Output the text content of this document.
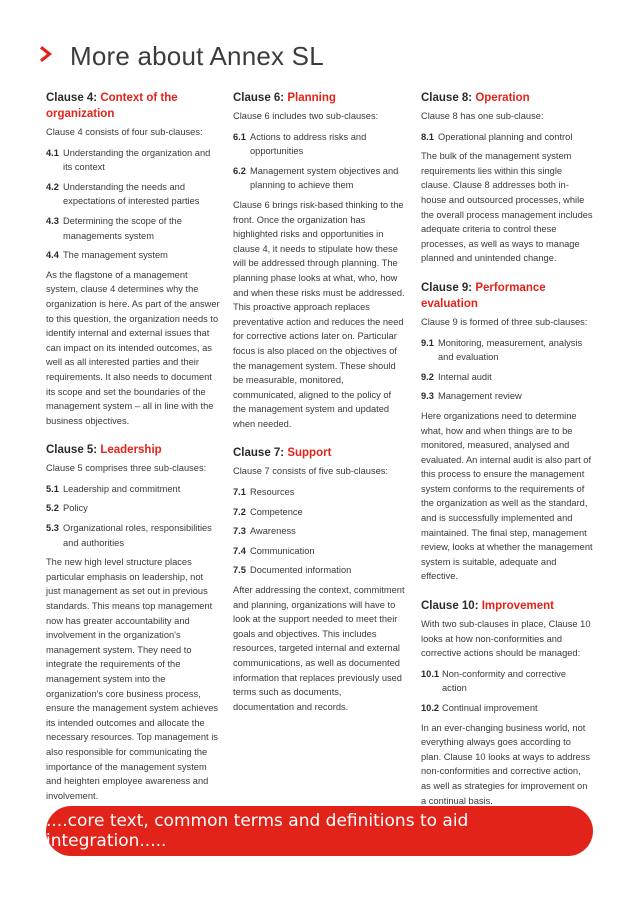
More about Annex SL
Clause 4: Context of the organization

Clause 4 consists of four sub-clauses:

4.1 Understanding the organization and its context
4.2 Understanding the needs and expectations of interested parties
4.3 Determining the scope of the managements system
4.4 The management system

As the flagstone of a management system, clause 4 determines why the organization is here. As part of the answer to this question, the organization needs to identify internal and external issues that can impact on its intended outcomes, as well as all interested parties and their requirements. It also needs to document its scope and set the boundaries of the management system – all in line with the business objectives.

Clause 5: Leadership

Clause 5 comprises three sub-clauses:

5.1 Leadership and commitment
5.2 Policy
5.3 Organizational roles, responsibilities and authorities

The new high level structure places particular emphasis on leadership, not just management as set out in previous standards. This means top management now has greater accountability and involvement in the organization's management system. They need to integrate the requirements of the management system into the organization's core business process, ensure the management system achieves its intended outcomes and allocate the necessary resources. Top management is also responsible for communicating the importance of the management system and heighten employee awareness and involvement.

Clause 6: Planning

Clause 6 includes two sub-clauses:

6.1 Actions to address risks and opportunities
6.2 Management system objectives and planning to achieve them

Clause 6 brings risk-based thinking to the front. Once the organization has highlighted risks and opportunities in clause 4, it needs to stipulate how these will be addressed through planning. The planning phase looks at what, who, how and when these risks must be addressed. This proactive approach replaces preventative action and reduces the need for corrective actions later on. Particular focus is also placed on the objectives of the management system. These should be measurable, monitored, communicated, aligned to the policy of the management system and updated when needed.

Clause 7: Support

Clause 7 consists of five sub-clauses:

7.1 Resources
7.2 Competence
7.3 Awareness
7.4 Communication
7.5 Documented information

After addressing the context, commitment and planning, organizations will have to look at the support needed to meet their goals and objectives. This includes resources, targeted internal and external communications, as well as documented information that replaces previously used terms such as documents, documentation and records.

Clause 8: Operation

Clause 8 has one sub-clause:

8.1 Operational planning and control

The bulk of the management system requirements lies within this single clause. Clause 8 addresses both in-house and outsourced processes, while the overall process management includes adequate criteria to control these processes, as well as ways to manage planned and unintended change.

Clause 9: Performance evaluation

Clause 9 is formed of three sub-clauses:

9.1 Monitoring, measurement, analysis and evaluation
9.2 Internal audit
9.3 Management review

Here organizations need to determine what, how and when things are to be monitored, measured, analysed and evaluated. An internal audit is also part of this process to ensure the management system conforms to the requirements of the organization as well as the standard, and is successfully implemented and maintained. The final step, management review, looks at whether the management system is suitable, adequate and effective.

Clause 10: Improvement

With two sub-clauses in place, Clause 10 looks at how non-conformities and corrective actions should be managed:

10.1 Non-conformity and corrective action
10.2 Continual improvement

In an ever-changing business world, not everything always goes according to plan. Clause 10 looks at ways to address non-conformities and corrective action, as well as strategies for improvement on a continual basis.

....core text, common terms and definitions to aid integration.....
